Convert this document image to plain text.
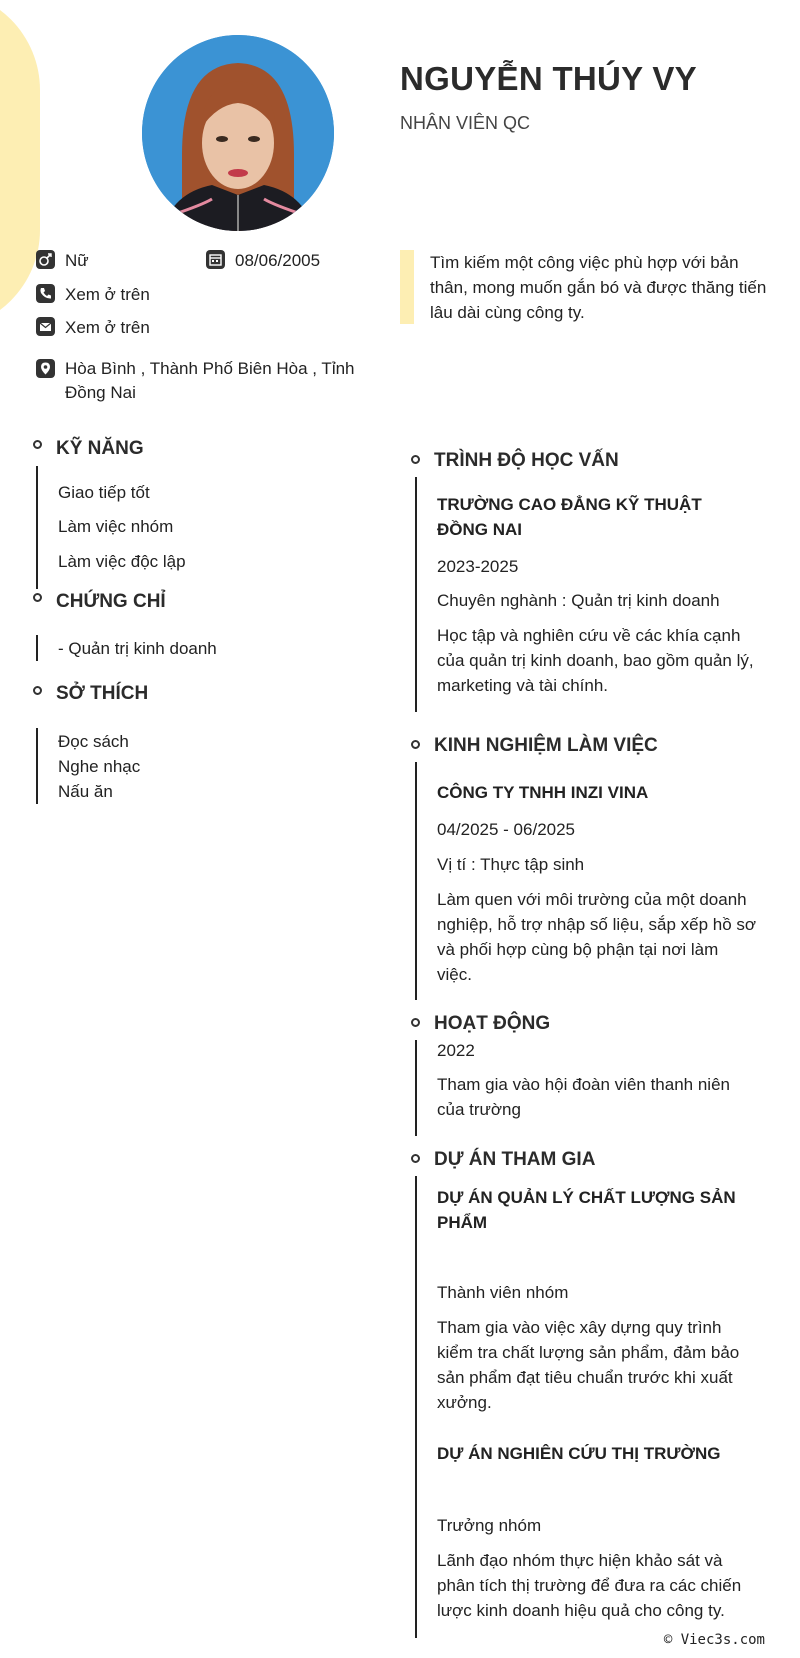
NGUYỄN THÚY VY
NHÂN VIÊN QC
Nữ	08/06/2005
Xem ở trên
Xem ở trên
Hòa Bình , Thành Phố Biên Hòa , Tỉnh Đồng Nai
Tìm kiếm một công việc phù hợp với bản thân, mong muốn gắn bó và được thăng tiến lâu dài cùng công ty.
KỸ NĂNG
Giao tiếp tốt
Làm việc nhóm
Làm việc độc lập
CHỨNG CHỈ
- Quản trị kinh doanh
SỞ THÍCH
Đọc sách
Nghe nhạc
Nấu ăn
TRÌNH ĐỘ HỌC VẤN
TRƯỜNG CAO ĐẲNG KỸ THUẬT ĐỒNG NAI
2023-2025
Chuyên nghành : Quản trị kinh doanh
Học tập và nghiên cứu về các khía cạnh của quản trị kinh doanh, bao gồm quản lý, marketing và tài chính.
KINH NGHIỆM LÀM VIỆC
CÔNG TY TNHH INZI VINA
04/2025 - 06/2025
Vị tí : Thực tập sinh
Làm quen với môi trường của một doanh nghiệp, hỗ trợ nhập số liệu, sắp xếp hồ sơ và phối hợp cùng bộ phận tại nơi làm việc.
HOẠT ĐỘNG
2022
Tham gia vào hội đoàn viên thanh niên của trường
DỰ ÁN THAM GIA
DỰ ÁN QUẢN LÝ CHẤT LƯỢNG SẢN PHẨM
Thành viên nhóm
Tham gia vào việc xây dựng quy trình kiểm tra chất lượng sản phẩm, đảm bảo sản phẩm đạt tiêu chuẩn trước khi xuất xưởng.
DỰ ÁN NGHIÊN CỨU THỊ TRƯỜNG
Trưởng nhóm
Lãnh đạo nhóm thực hiện khảo sát và phân tích thị trường để đưa ra các chiến lược kinh doanh hiệu quả cho công ty.
© Viec3s.com
